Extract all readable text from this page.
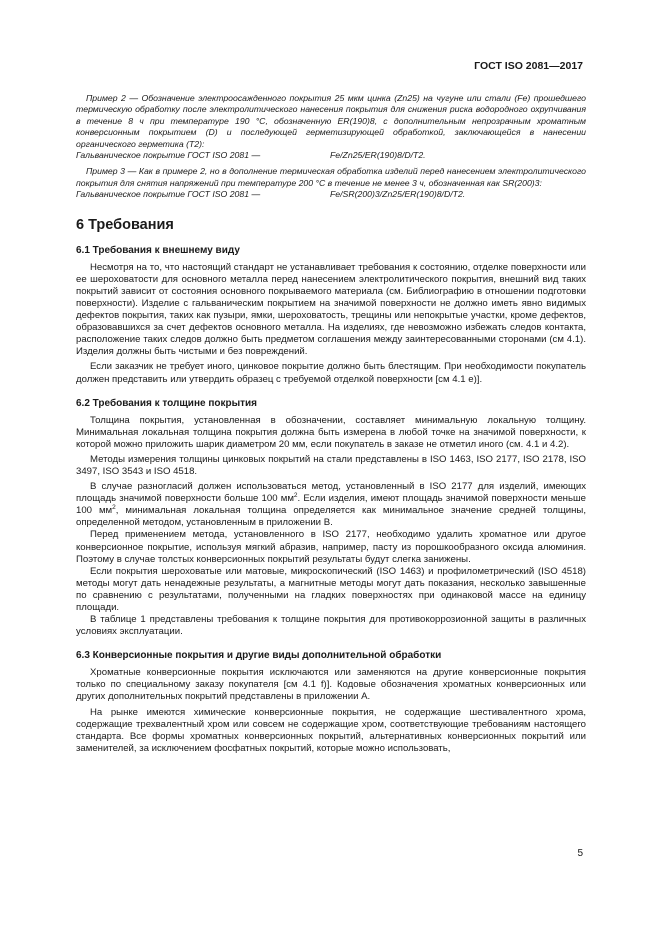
ГОСТ ISO 2081—2017

Пример 2 — Обозначение электроосажденного покрытия 25 мкм цинка (Zn25) на чугуне или стали (Fe) прошедшего термическую обработку после электролитического нанесения покрытия для снижения риска водородного охрупчивания в течение 8 ч при температуре 190 °С, обозначенную ER(190)8, с дополнительным непрозрачным хроматным конверсионным покрытием (D) и последующей герметизирующей обработкой, заключающейся в нанесении органического герметика (T2):

Гальваническое покрытие ГОСТ ISO 2081 —	Fe/Zn25/ER(190)8/D/T2.

Пример 3 — Как в примере 2, но в дополнение термическая обработка изделий перед нанесением электролитического покрытия для снятия напряжений при температуре 200 °С в течение не менее 3 ч, обозначенная как SR(200)3:

Гальваническое покрытие ГОСТ ISO 2081 —	Fe/SR(200)3/Zn25/ER(190)8/D/T2.
6 Требования
6.1 Требования к внешнему виду

Несмотря на то, что настоящий стандарт не устанавливает требования к состоянию, отделке поверхности или ее шероховатости для основного металла перед нанесением электролитического покрытия, внешний вид таких покрытий зависит от состояния основного покрываемого материала (см. Библиографию в отношении подготовки поверхности). Изделие с гальваническим покрытием на значимой поверхности не должно иметь явно видимых дефектов покрытия, таких как пузыри, ямки, шероховатость, трещины или непокрытые участки, кроме дефектов, образовавшихся за счет дефектов основного металла. На изделиях, где невозможно избежать следов контакта, расположение таких следов должно быть предметом соглашения между заинтересованными сторонами (см 4.1). Изделия должны быть чистыми и без повреждений.

Если заказчик не требует иного, цинковое покрытие должно быть блестящим. При необходимости покупатель должен представить или утвердить образец с требуемой отделкой поверхности [см 4.1 e)].

6.2 Требования к толщине покрытия

Толщина покрытия, установленная в обозначении, составляет минимальную локальную толщину. Минимальная локальная толщина покрытия должна быть измерена в любой точке на значимой поверхности, к которой можно приложить шарик диаметром 20 мм, если покупатель в заказе не отметил иного (см. 4.1 и 4.2).

Методы измерения толщины цинковых покрытий на стали представлены в ISO 1463, ISO 2177, ISO 2178, ISO 3497, ISO 3543 и ISO 4518.

В случае разногласий должен использоваться метод, установленный в ISO 2177 для изделий, имеющих площадь значимой поверхности больше 100 $мм^2$. Если изделия, имеют площадь значимой поверхности меньше 100 $мм^2$, минимальная локальная толщина определяется как минимальное значение средней толщины, определенной методом, установленным в приложении В.

Перед применением метода, установленного в ISO 2177, необходимо удалить хроматное или другое конверсионное покрытие, используя мягкий абразив, например, пасту из порошкообразного оксида алюминия. Поэтому в случае толстых конверсионных покрытий результаты будут слегка занижены.

Если покрытия шероховатые или матовые, микроскопический (ISO 1463) и профилометрический (ISO 4518) методы могут дать ненадежные результаты, а магнитные методы могут дать показания, несколько завышенные по сравнению с результатами, полученными на гладких поверхностях при одинаковой массе на единицу площади.

В таблице 1 представлены требования к толщине покрытия для противокоррозионной защиты в различных условиях эксплуатации.

6.3 Конверсионные покрытия и другие виды дополнительной обработки

Хроматные конверсионные покрытия исключаются или заменяются на другие конверсионные покрытия только по специальному заказу покупателя [см 4.1 f)]. Кодовые обозначения хроматных конверсионных или других дополнительных покрытий представлены в приложении А.

На рынке имеются химические конверсионные покрытия, не содержащие шестивалентного хрома, содержащие трехвалентный хром или совсем не содержащие хром, соответствующие требованиям настоящего стандарта. Все формы хроматных конверсионных покрытий, альтернативных конверсионных покрытий или заменителей, за исключением фосфатных покрытий, которые можно использовать,

5
